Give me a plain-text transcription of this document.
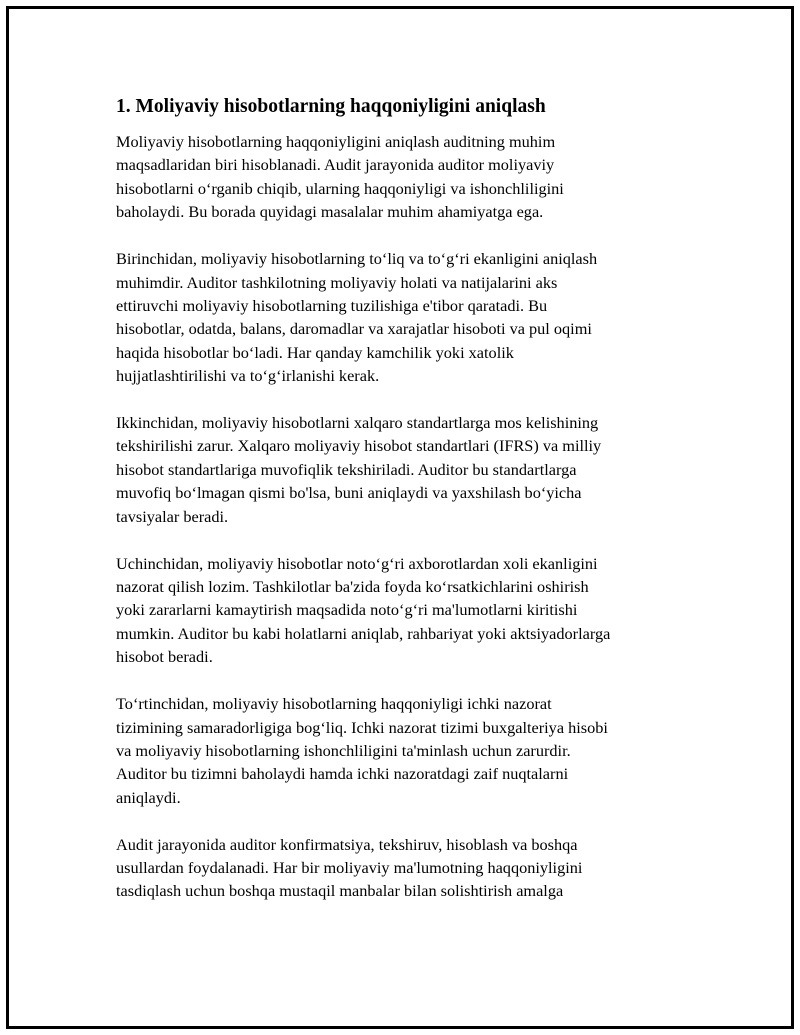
1. Moliyaviy hisobotlarning haqqoniyligini aniqlash

Moliyaviy hisobotlarning haqqoniyligini aniqlash auditning muhim
maqsadlaridan biri hisoblanadi. Audit jarayonida auditor moliyaviy
hisobotlarni o‘rganib chiqib, ularning haqqoniyligi va ishonchliligini
baholaydi. Bu borada quyidagi masalalar muhim ahamiyatga ega.

Birinchidan, moliyaviy hisobotlarning to‘liq va to‘g‘ri ekanligini aniqlash
muhimdir. Auditor tashkilotning moliyaviy holati va natijalarini aks
ettiruvchi moliyaviy hisobotlarning tuzilishiga e'tibor qaratadi. Bu
hisobotlar, odatda, balans, daromadlar va xarajatlar hisoboti va pul oqimi
haqida hisobotlar bo‘ladi. Har qanday kamchilik yoki xatolik
hujjatlashtirilishi va to‘g‘irlanishi kerak.

Ikkinchidan, moliyaviy hisobotlarni xalqaro standartlarga mos kelishining
tekshirilishi zarur. Xalqaro moliyaviy hisobot standartlari (IFRS) va milliy
hisobot standartlariga muvofiqlik tekshiriladi. Auditor bu standartlarga
muvofiq bo‘lmagan qismi bo'lsa, buni aniqlaydi va yaxshilash bo‘yicha
tavsiyalar beradi.

Uchinchidan, moliyaviy hisobotlar noto‘g‘ri axborotlardan xoli ekanligini
nazorat qilish lozim. Tashkilotlar ba'zida foyda ko‘rsatkichlarini oshirish
yoki zararlarni kamaytirish maqsadida noto‘g‘ri ma'lumotlarni kiritishi
mumkin. Auditor bu kabi holatlarni aniqlab, rahbariyat yoki aktsiyadorlarga
hisobot beradi.

To‘rtinchidan, moliyaviy hisobotlarning haqqoniyligi ichki nazorat
tizimining samaradorligiga bog‘liq. Ichki nazorat tizimi buxgalteriya hisobi
va moliyaviy hisobotlarning ishonchliligini ta'minlash uchun zarurdir.
Auditor bu tizimni baholaydi hamda ichki nazoratdagi zaif nuqtalarni
aniqlaydi.

Audit jarayonida auditor konfirmatsiya, tekshiruv, hisoblash va boshqa
usullardan foydalanadi. Har bir moliyaviy ma'lumotning haqqoniyligini
tasdiqlash uchun boshqa mustaqil manbalar bilan solishtirish amalga
